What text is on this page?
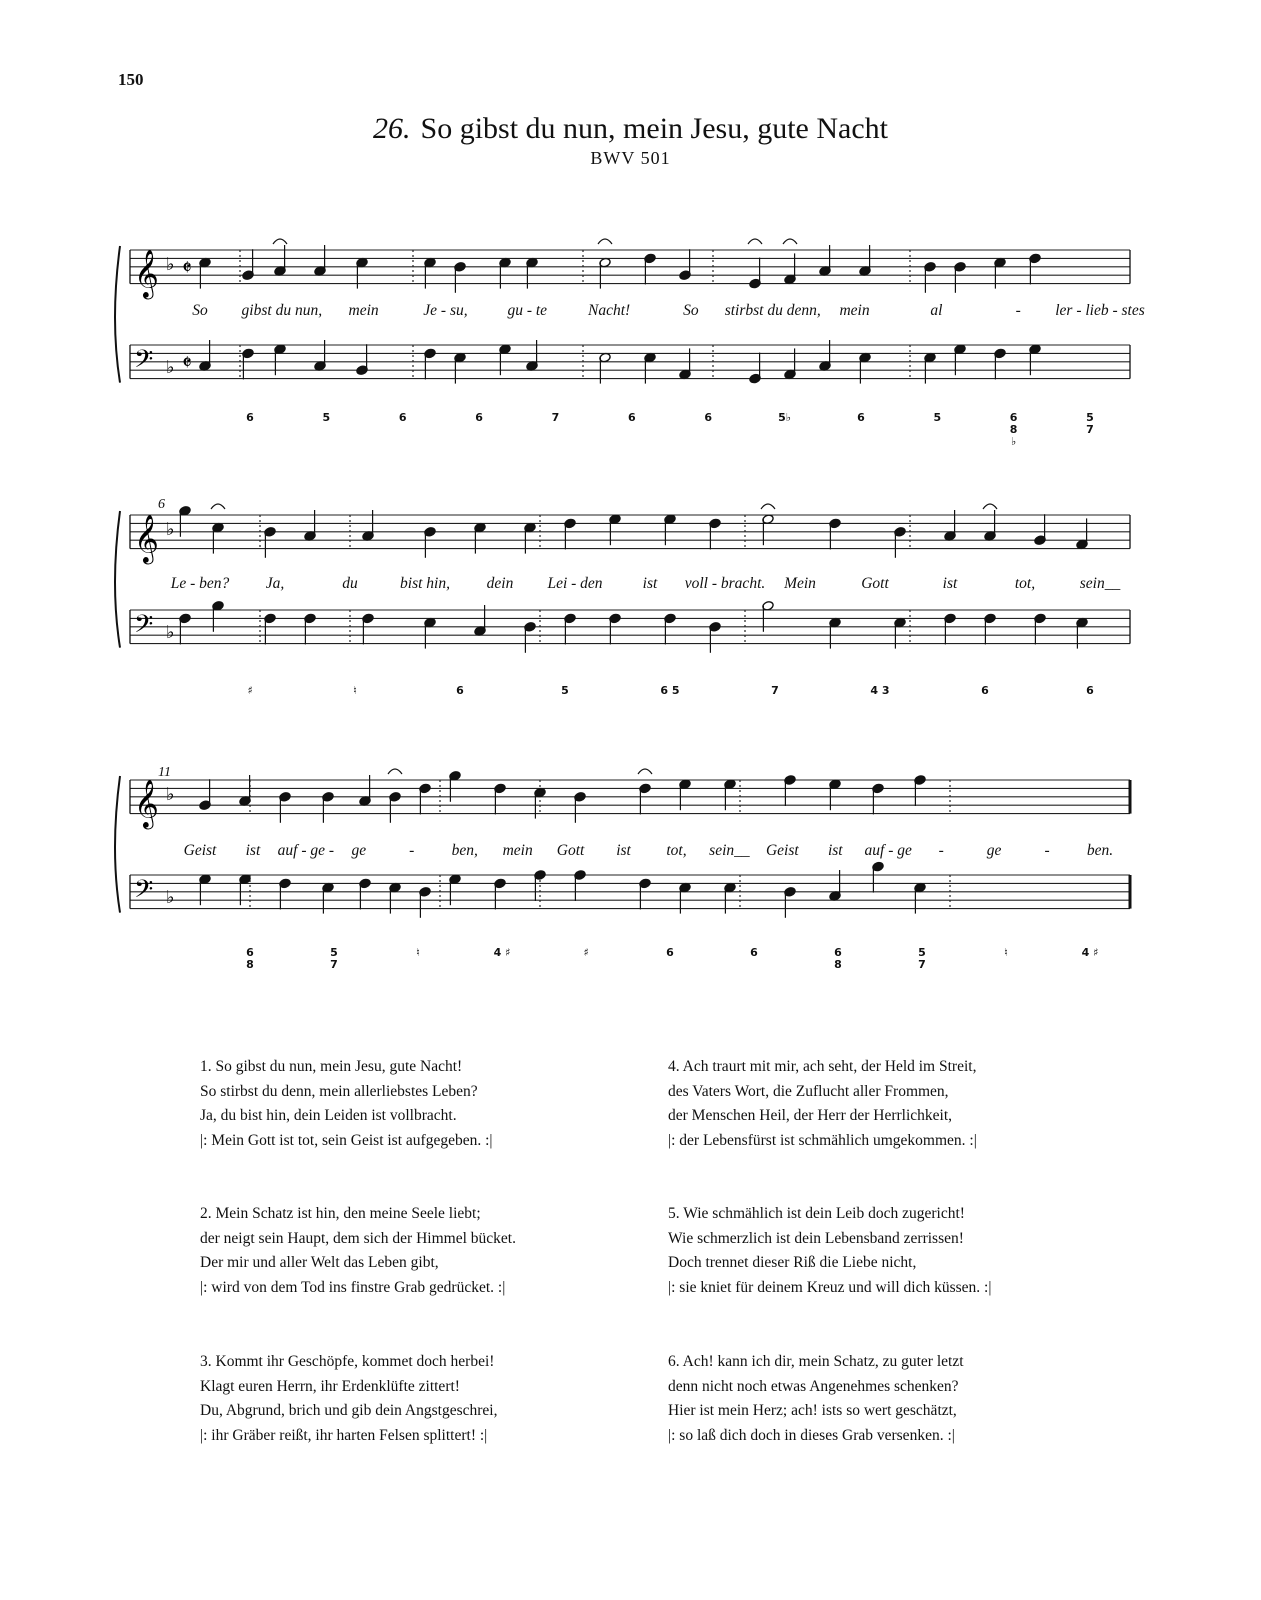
150
26. So gibst du nun, mein Jesu, gute Nacht
BWV 501
𝄞 ♭ 𝄵
𝄢 ♭ 𝄵
So gibst du nun, mein	Je - su,	gu - te	Nacht!	So stirbst du denn, mein	al	- ler - lieb - stes
6	5	6	6	7	6	6	5♭	6	5	6
8
♭
5
7
6
𝄞 ♭
𝄢 ♭
Le - ben? Ja,	du	bist hin, dein Lei - den	ist voll - bracht. Mein	Gott	ist	tot,	sein__
♯	♮	6	5	6 5	7	4 3	6	6
11
𝄞 ♭
𝄢 ♭
Geist ist auf - ge - ge	- ben, mein Gott ist tot, sein__ Geist ist auf - ge -	ge	- ben.
6
8
5
7
♮	4 ♯	♯	6	6	6
8
5
7
♮	4 ♯
1. So gibst du nun, mein Jesu, gute Nacht!
So stirbst du denn, mein allerliebstes Leben?
Ja, du bist hin, dein Leiden ist vollbracht.
|: Mein Gott ist tot, sein Geist ist aufgegeben. :|
2. Mein Schatz ist hin, den meine Seele liebt;
der neigt sein Haupt, dem sich der Himmel bücket.
Der mir und aller Welt das Leben gibt,
|: wird von dem Tod ins finstre Grab gedrücket. :|
3. Kommt ihr Geschöpfe, kommet doch herbei!
Klagt euren Herrn, ihr Erdenklüfte zittert!
Du, Abgrund, brich und gib dein Angstgeschrei,
|: ihr Gräber reißt, ihr harten Felsen splittert! :|
4. Ach traurt mit mir, ach seht, der Held im Streit,
des Vaters Wort, die Zuflucht aller Frommen,
der Menschen Heil, der Herr der Herrlichkeit,
|: der Lebensfürst ist schmählich umgekommen. :|
5. Wie schmählich ist dein Leib doch zugericht!
Wie schmerzlich ist dein Lebensband zerrissen!
Doch trennet dieser Riß die Liebe nicht,
|: sie kniet für deinem Kreuz und will dich küssen. :|
6. Ach! kann ich dir, mein Schatz, zu guter letzt
denn nicht noch etwas Angenehmes schenken?
Hier ist mein Herz; ach! ists so wert geschätzt,
|: so laß dich doch in dieses Grab versenken. :|
